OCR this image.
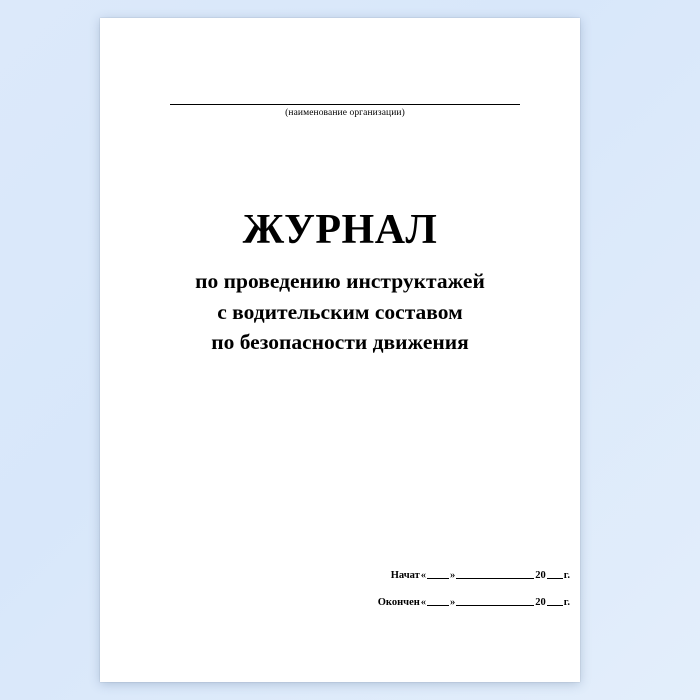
(наименование организации)
ЖУРНАЛ
по проведению инструктажей
с водительским составом
по безопасности движения
Начат « »	20 г.
Окончен « »	20 г.
